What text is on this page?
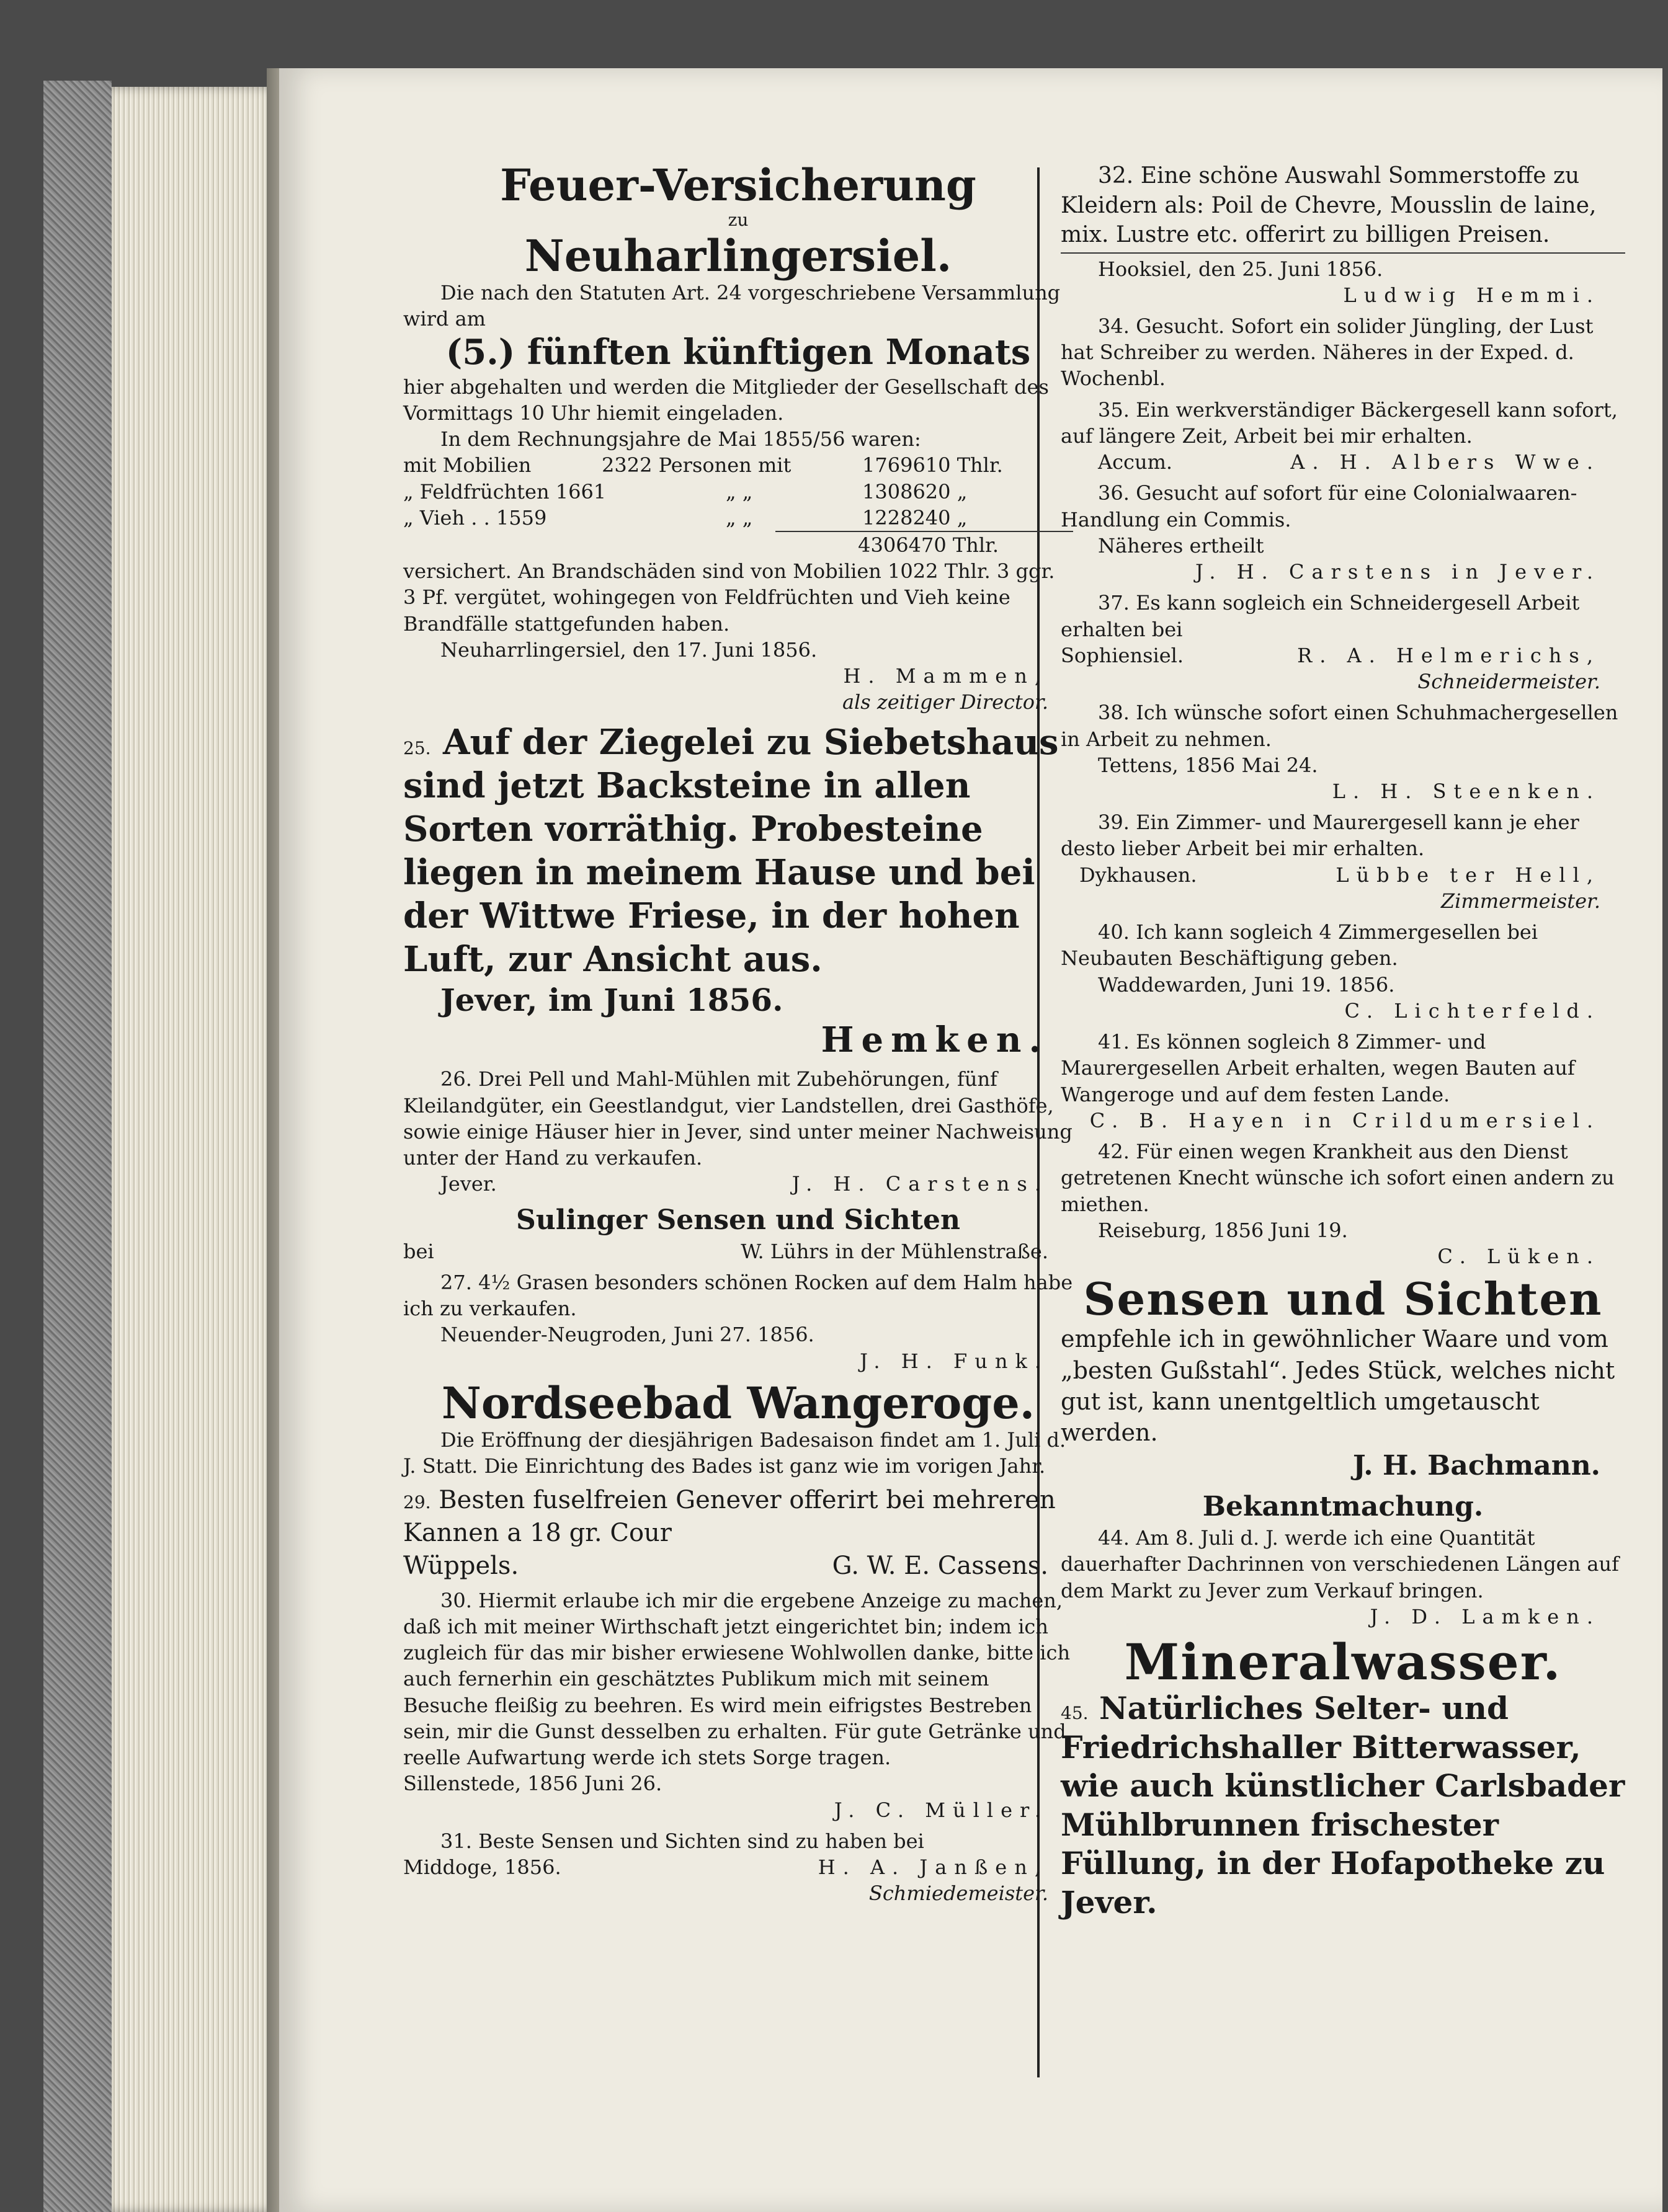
Feuer-Versicherung
zu
Neuharlingersiel.
Die nach den Statuten Art. 24 vorgeschriebene Versammlung wird am
(5.) fünften künftigen Monats
hier abgehalten und werden die Mitglieder der Gesellschaft des Vormittags 10 Uhr hiemit eingeladen.
In dem Rechnungsjahre de Mai 1855/56 waren:
mit Mobilien	2322 Personen mit	1769610 Thlr.
„ Feldfrüchten 1661	„ „	1308620 „
„ Vieh . . 1559	„ „	1228240 „
4306470 Thlr.
versichert. An Brandschäden sind von Mobilien 1022 Thlr. 3 ggr. 3 Pf. vergütet, wohingegen von Feldfrüchten und Vieh keine Brandfälle stattgefunden haben.
Neuharrlingersiel, den 17. Juni 1856.
H. Mammen,
als zeitiger Director.
25. Auf der Ziegelei zu Siebetshaus sind jetzt Backsteine in allen Sorten vorräthig. Probesteine liegen in meinem Hause und bei der Wittwe Friese, in der hohen Luft, zur Ansicht aus.
Jever, im Juni 1856.
Hemken.
26. Drei Pell und Mahl-Mühlen mit Zubehörungen, fünf Kleilandgüter, ein Geestlandgut, vier Landstellen, drei Gasthöfe, sowie einige Häuser hier in Jever, sind unter meiner Nachweisung unter der Hand zu verkaufen.
Jever.	J. H. Carstens.
Sulinger Sensen und Sichten
bei	W. Lührs in der Mühlenstraße.
27. 4½ Grasen besonders schönen Rocken auf dem Halm habe ich zu verkaufen.
Neuender-Neugroden, Juni 27. 1856.
J. H. Funk.
Nordseebad Wangeroge.
Die Eröffnung der diesjährigen Badesaison findet am 1. Juli d. J. Statt. Die Einrichtung des Bades ist ganz wie im vorigen Jahr.
29. Besten fuselfreien Genever offerirt bei mehreren Kannen a 18 gr. Cour
Wüppels.	G. W. E. Cassens.
30. Hiermit erlaube ich mir die ergebene Anzeige zu machen, daß ich mit meiner Wirthschaft jetzt eingerichtet bin; indem ich zugleich für das mir bisher erwiesene Wohlwollen danke, bitte ich auch fernerhin ein geschätztes Publikum mich mit seinem Besuche fleißig zu beehren. Es wird mein eifrigstes Bestreben sein, mir die Gunst desselben zu erhalten. Für gute Getränke und reelle Aufwartung werde ich stets Sorge tragen.
Sillenstede, 1856 Juni 26.
J. C. Müller.
31. Beste Sensen und Sichten sind zu haben bei
Middoge, 1856.	H. A. Janßen,
Schmiedemeister.
32. Eine schöne Auswahl Sommerstoffe zu Kleidern als: Poil de Chevre, Mousslin de laine, mix. Lustre etc. offerirt zu billigen Preisen.
Hooksiel, den 25. Juni 1856.
Ludwig Hemmi.
34. Gesucht. Sofort ein solider Jüngling, der Lust hat Schreiber zu werden. Näheres in der Exped. d. Wochenbl.
35. Ein werkverständiger Bäckergesell kann sofort, auf längere Zeit, Arbeit bei mir erhalten.
Accum.	A. H. Albers Wwe.
36. Gesucht auf sofort für eine Colonialwaaren-Handlung ein Commis.
Näheres ertheilt
J. H. Carstens in Jever.
37. Es kann sogleich ein Schneidergesell Arbeit erhalten bei
Sophiensiel.	R. A. Helmerichs,
Schneidermeister.
38. Ich wünsche sofort einen Schuhmachergesellen in Arbeit zu nehmen.
Tettens, 1856 Mai 24.
L. H. Steenken.
39. Ein Zimmer- und Maurergesell kann je eher desto lieber Arbeit bei mir erhalten.
Dykhausen.	Lübbe ter Hell,
Zimmermeister.
40. Ich kann sogleich 4 Zimmergesellen bei Neubauten Beschäftigung geben.
Waddewarden, Juni 19. 1856.
C. Lichterfeld.
41. Es können sogleich 8 Zimmer- und Maurergesellen Arbeit erhalten, wegen Bauten auf Wangeroge und auf dem festen Lande.
C. B. Hayen in Crildumersiel.
42. Für einen wegen Krankheit aus den Dienst getretenen Knecht wünsche ich sofort einen andern zu miethen.
Reiseburg, 1856 Juni 19.
C. Lüken.
Sensen und Sichten
empfehle ich in gewöhnlicher Waare und vom „besten Gußstahl“. Jedes Stück, welches nicht gut ist, kann unentgeltlich umgetauscht werden.
J. H. Bachmann.
Bekanntmachung.
44. Am 8. Juli d. J. werde ich eine Quantität dauerhafter Dachrinnen von verschiedenen Längen auf dem Markt zu Jever zum Verkauf bringen.
J. D. Lamken.
Mineralwasser.
45. Natürliches Selter- und Friedrichshaller Bitterwasser, wie auch künstlicher Carlsbader Mühlbrunnen frischester Füllung, in der Hofapotheke zu Jever.
